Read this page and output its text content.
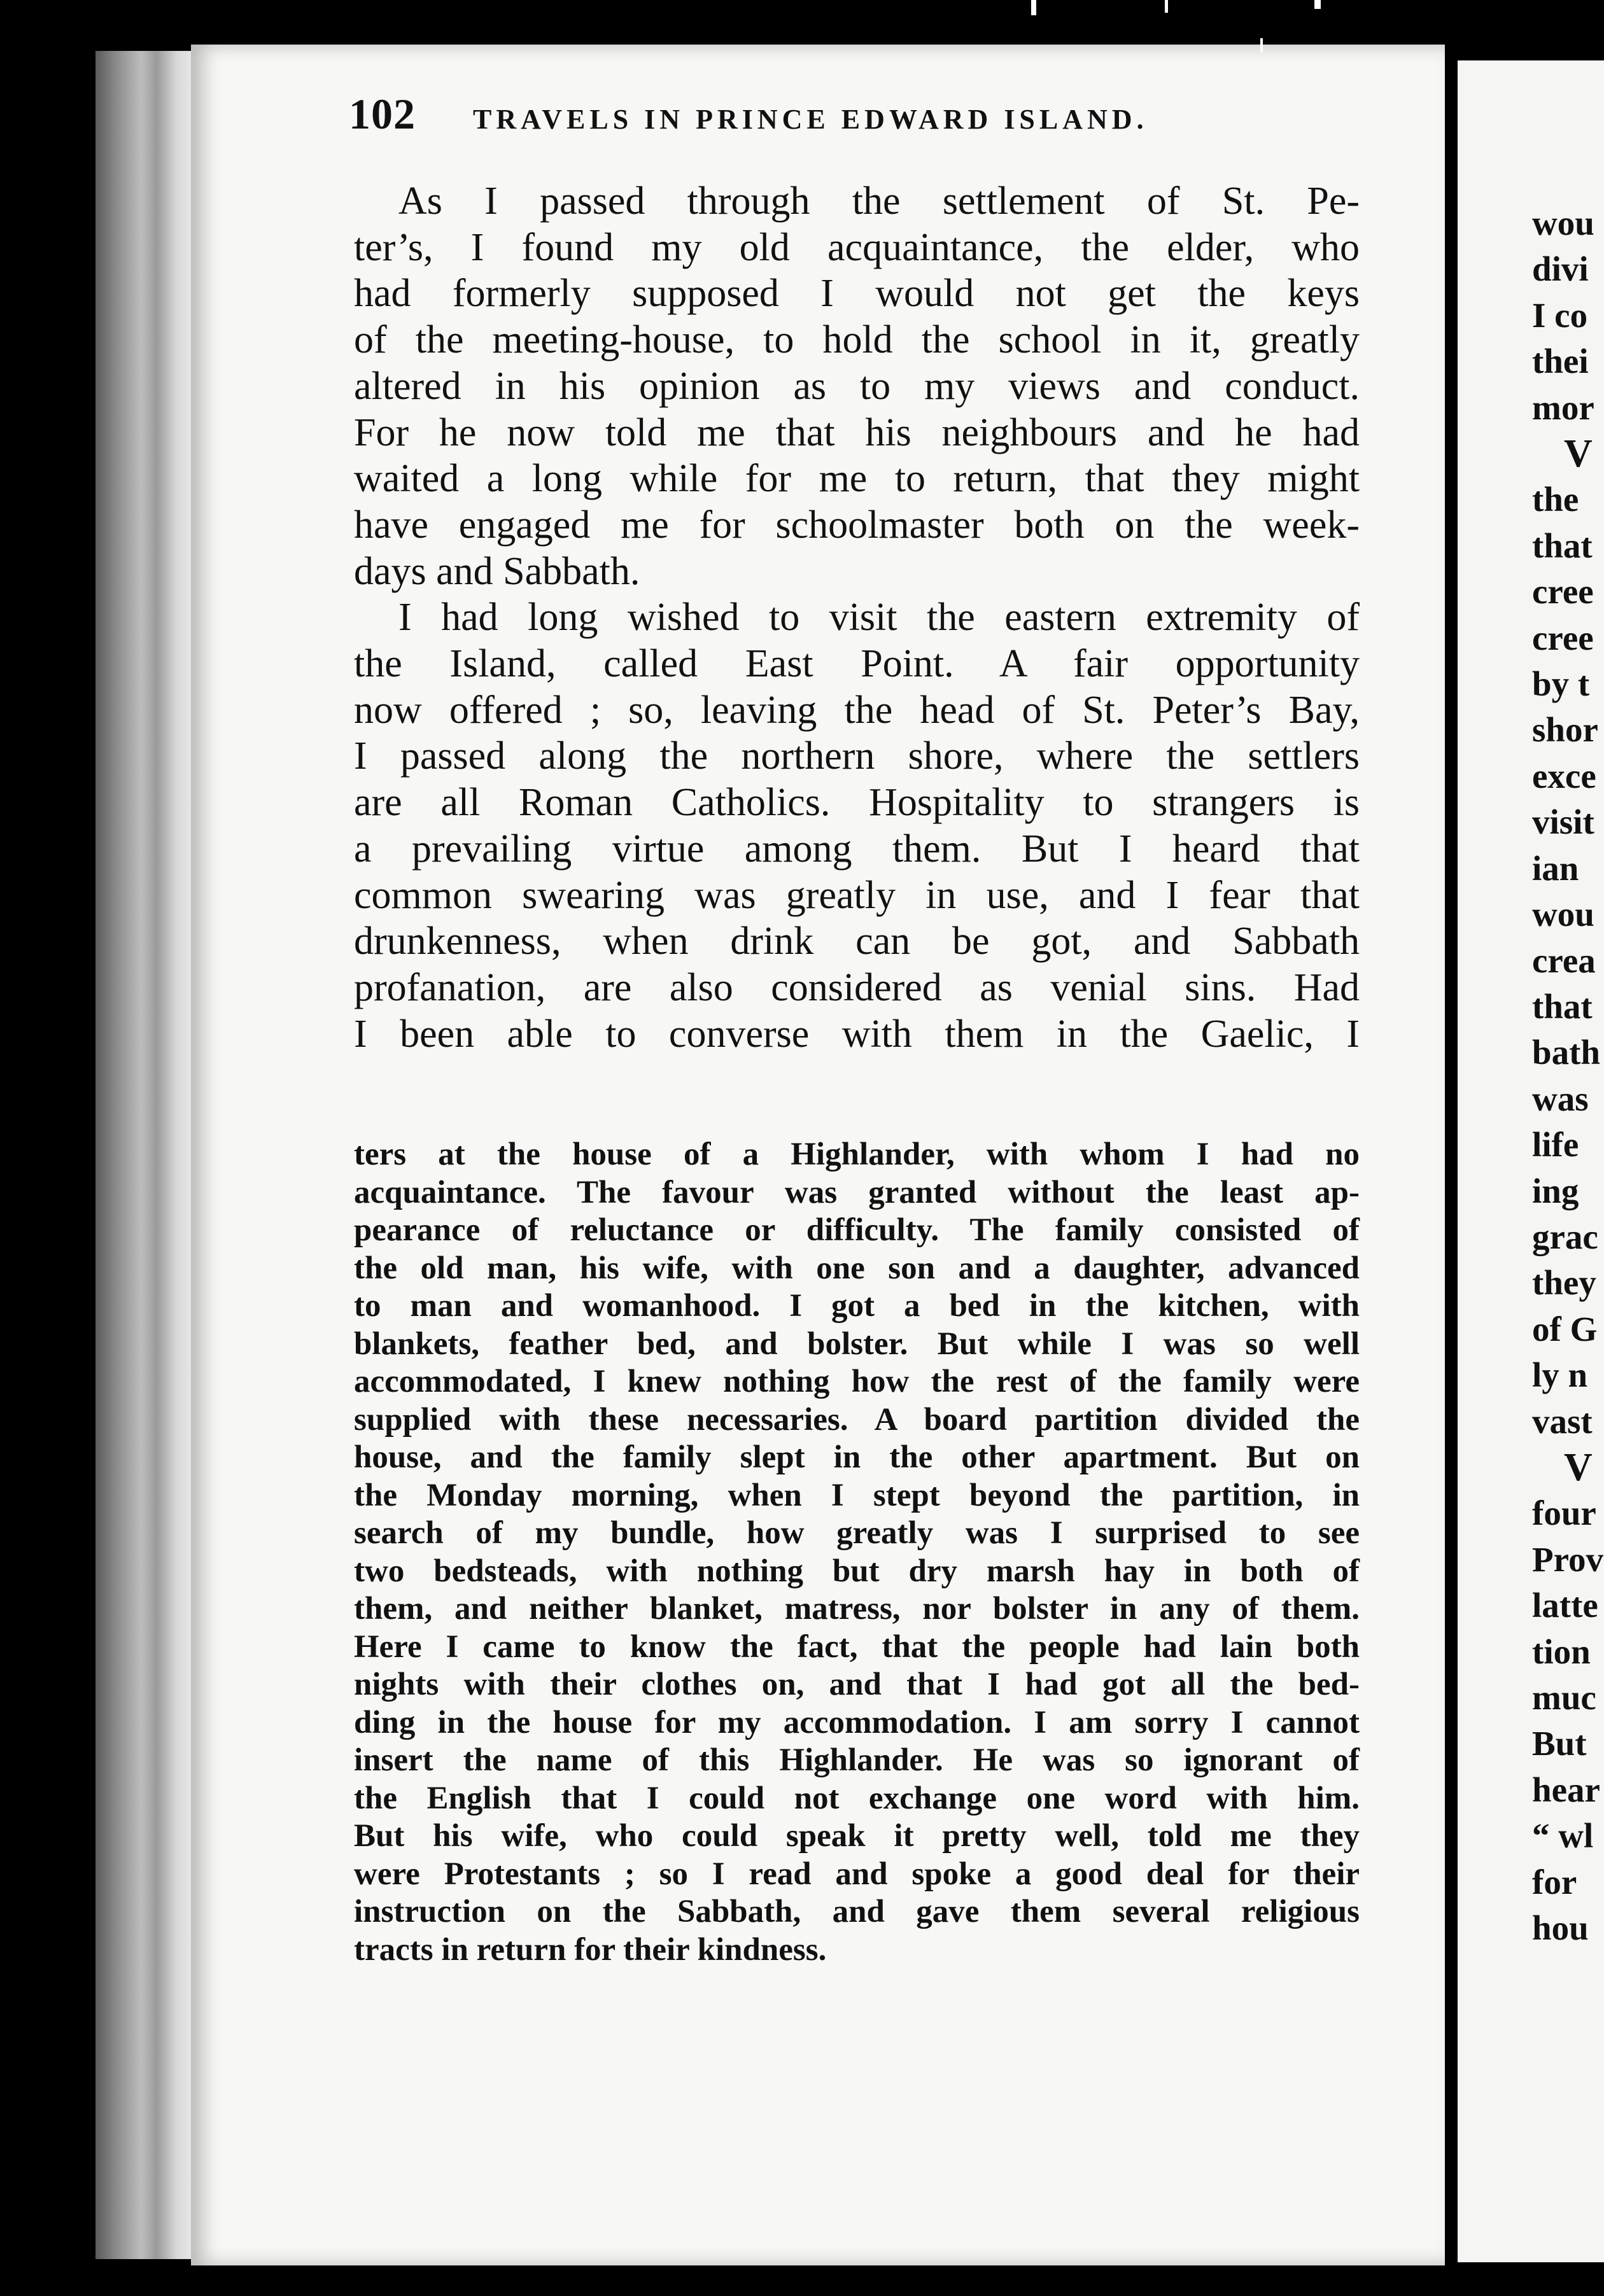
102 TRAVELS IN PRINCE EDWARD ISLAND.
As I passed through the settlement of St. Pe-
ter’s, I found my old acquaintance, the elder, who
had formerly supposed I would not get the keys
of the meeting-house, to hold the school in it, greatly
altered in his opinion as to my views and conduct.
For he now told me that his neighbours and he had
waited a long while for me to return, that they might
have engaged me for schoolmaster both on the week-
days and Sabbath.
I had long wished to visit the eastern extremity of
the Island, called East Point. A fair opportunity
now offered ; so, leaving the head of St. Peter’s Bay,
I passed along the northern shore, where the settlers
are all Roman Catholics. Hospitality to strangers is
a prevailing virtue among them. But I heard that
common swearing was greatly in use, and I fear that
drunkenness, when drink can be got, and Sabbath
profanation, are also considered as venial sins. Had
I been able to converse with them in the Gaelic, I
ters at the house of a Highlander, with whom I had no
acquaintance. The favour was granted without the least ap-
pearance of reluctance or difficulty. The family consisted of
the old man, his wife, with one son and a daughter, advanced
to man and womanhood. I got a bed in the kitchen, with
blankets, feather bed, and bolster. But while I was so well
accommodated, I knew nothing how the rest of the family were
supplied with these necessaries. A board partition divided the
house, and the family slept in the other apartment. But on
the Monday morning, when I stept beyond the partition, in
search of my bundle, how greatly was I surprised to see
two bedsteads, with nothing but dry marsh hay in both of
them, and neither blanket, matress, nor bolster in any of them.
Here I came to know the fact, that the people had lain both
nights with their clothes on, and that I had got all the bed-
ding in the house for my accommodation. I am sorry I cannot
insert the name of this Highlander. He was so ignorant of
the English that I could not exchange one word with him.
But his wife, who could speak it pretty well, told me they
were Protestants ; so I read and spoke a good deal for their
instruction on the Sabbath, and gave them several religious
tracts in return for their kindness.
wou
divi
I co
thei
mor
V
the
that
cree
cree
by t
shor
exce
visit
ian
wou
crea
that
bath
was
life
ing
grac
they
of G
ly n
vast
V
four
Prov
latte
tion
muc
But
hear
“ wl
for
hou
